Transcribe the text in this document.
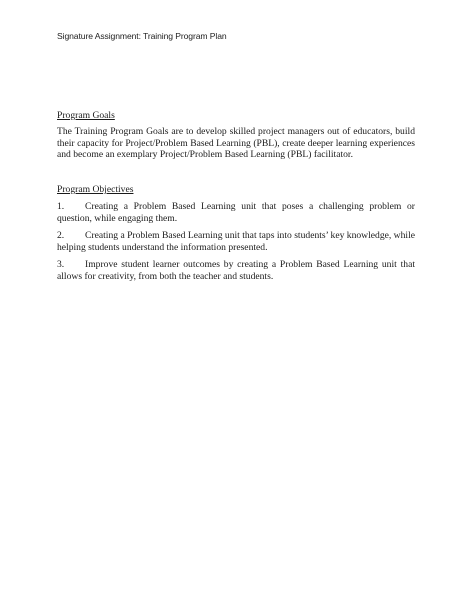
Signature Assignment: Training Program Plan
Program Goals
The Training Program Goals are to develop skilled project managers out of educators, build their capacity for Project/Problem Based Learning (PBL), create deeper learning experiences and become an exemplary Project/Problem Based Learning (PBL) facilitator.
Program Objectives
1. Creating a Problem Based Learning unit that poses a challenging problem or question, while engaging them.
2. Creating a Problem Based Learning unit that taps into students’ key knowledge, while helping students understand the information presented.
3. Improve student learner outcomes by creating a Problem Based Learning unit that allows for creativity, from both the teacher and students.
